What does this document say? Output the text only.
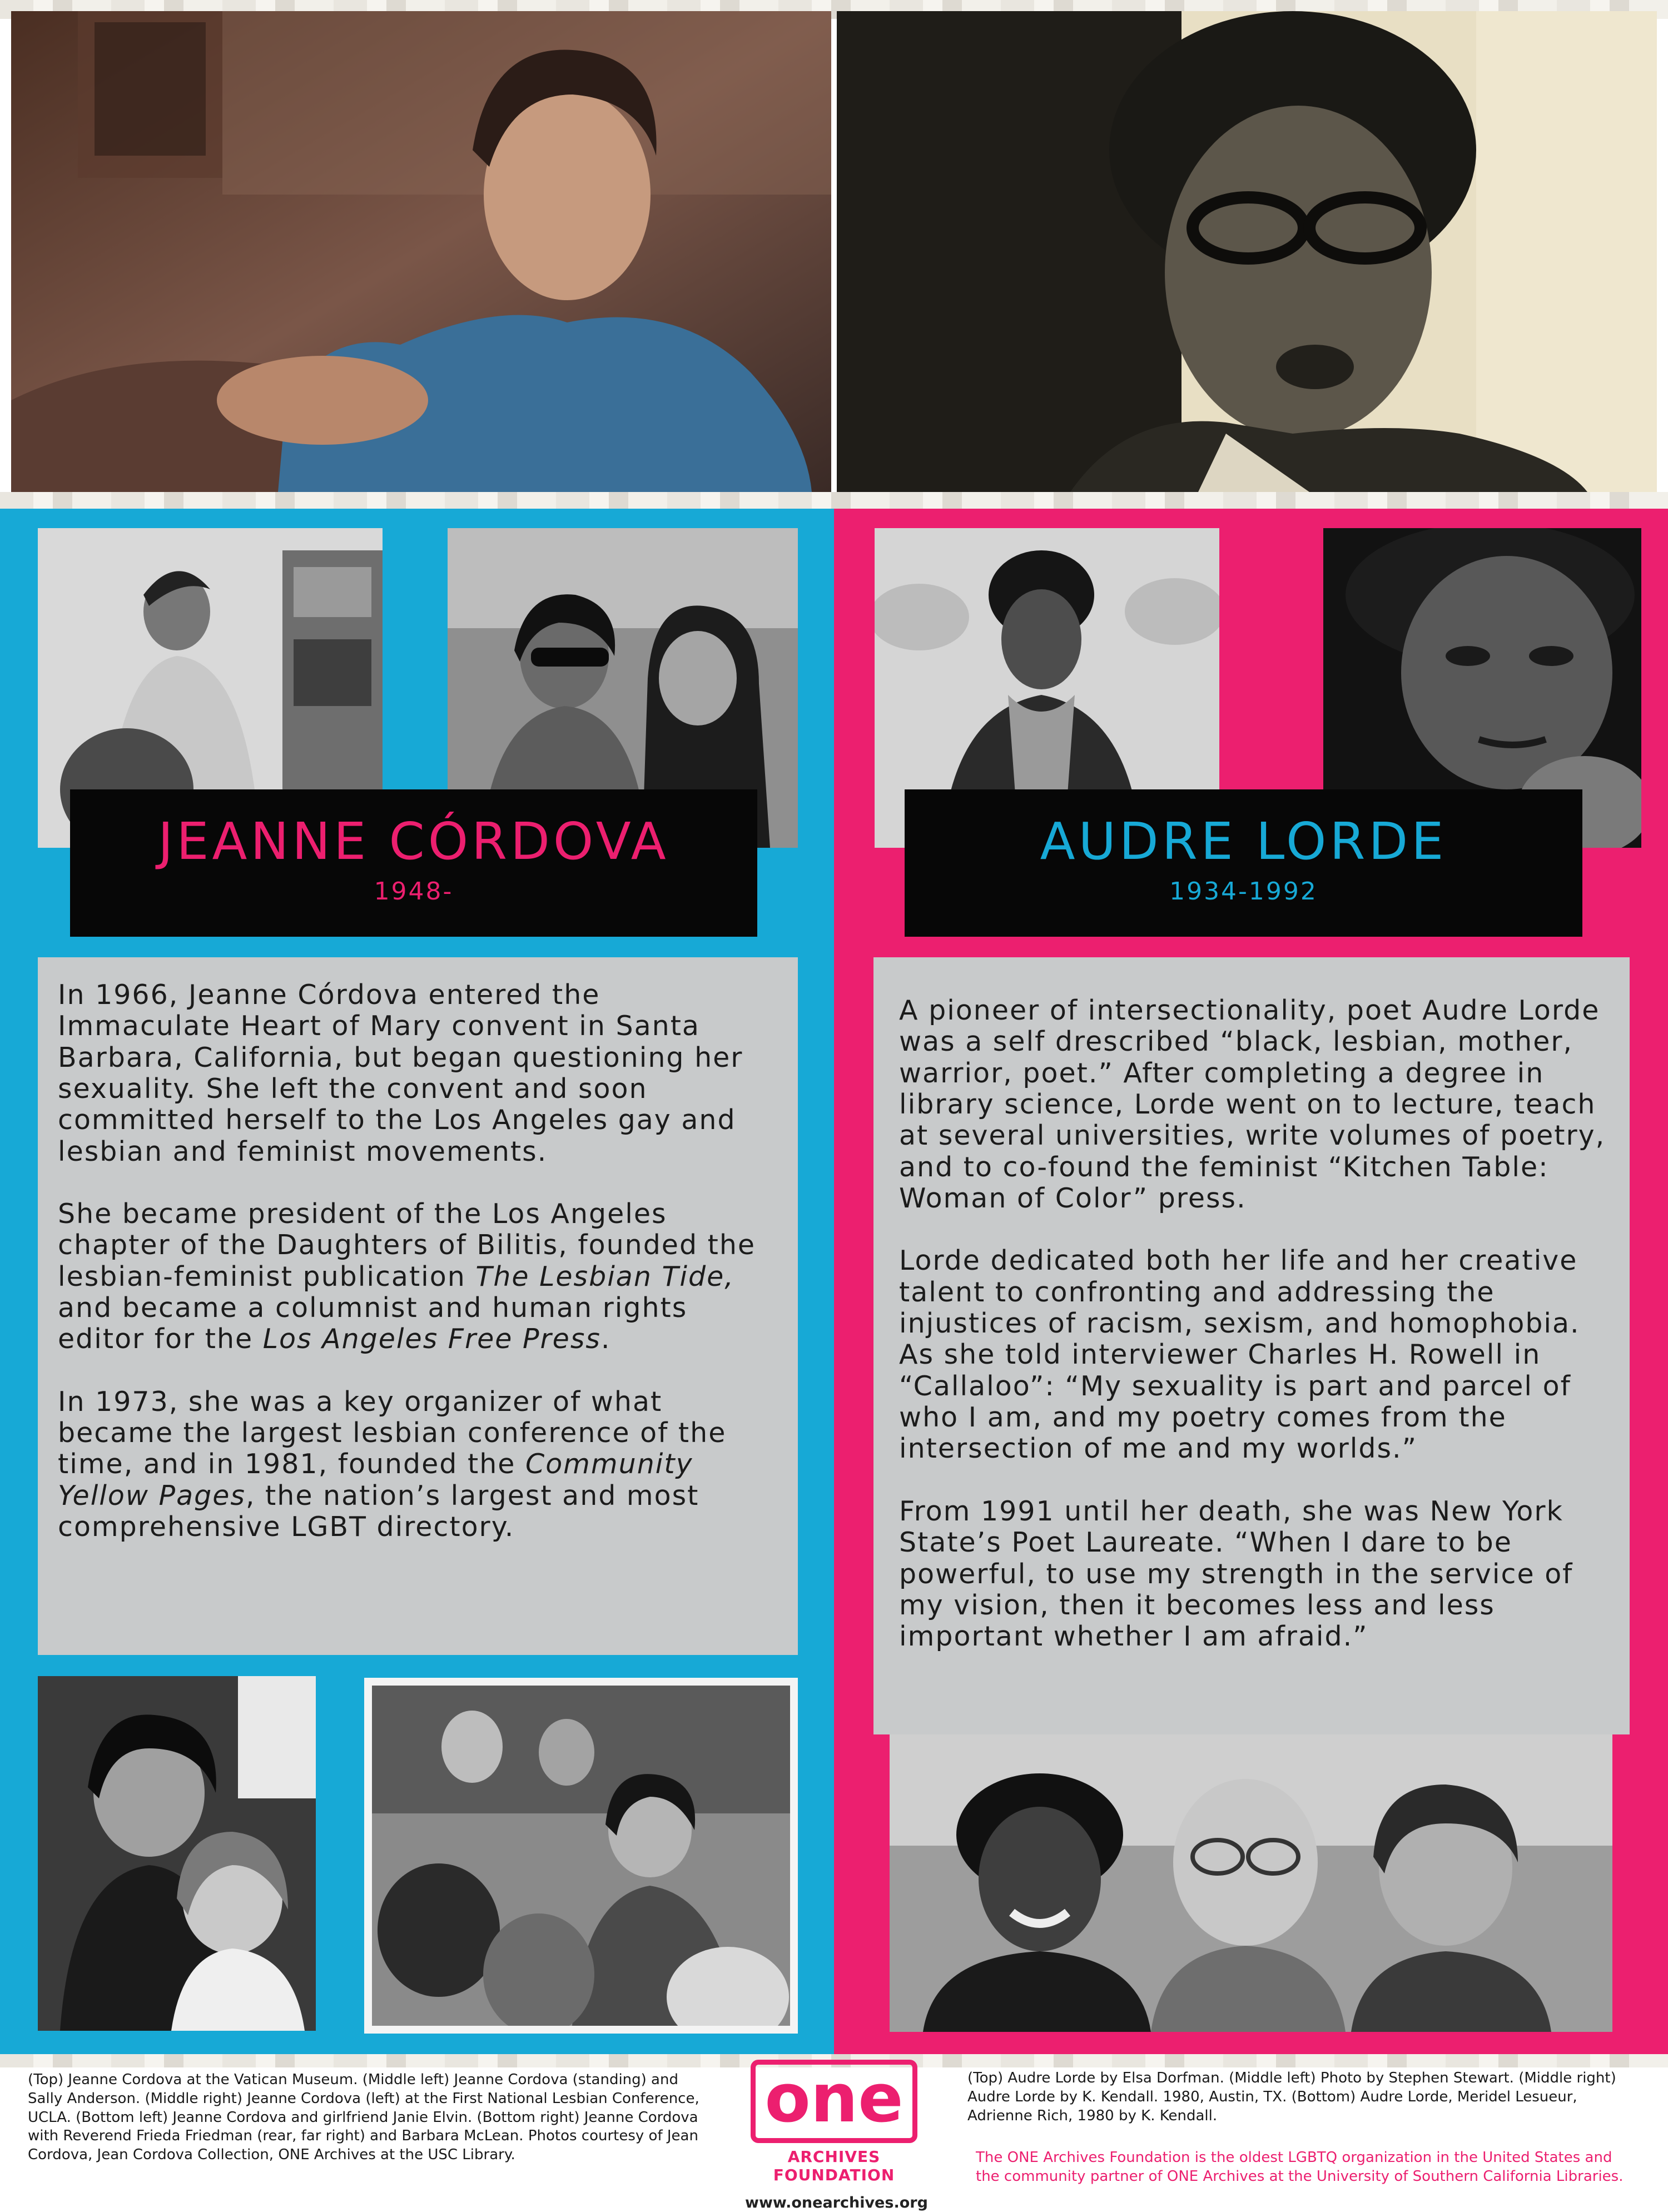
JEANNE CÓRDOVA
1948-

In 1966, Jeanne Córdova entered the Immaculate Heart of Mary convent in Santa Barbara, California, but began questioning her sexuality. She left the convent and soon committed herself to the Los Angeles gay and lesbian and feminist movements.

She became president of the Los Angeles chapter of the Daughters of Bilitis, founded the lesbian-feminist publication The Lesbian Tide, and became a columnist and human rights editor for the Los Angeles Free Press.

In 1973, she was a key organizer of what became the largest lesbian conference of the time, and in 1981, founded the Community Yellow Pages, the nation’s largest and most comprehensive LGBT directory.

AUDRE LORDE
1934-1992

A pioneer of intersectionality, poet Audre Lorde was a self drescribed “black, lesbian, mother, warrior, poet.” After completing a degree in library science, Lorde went on to lecture, teach at several universities, write volumes of poetry, and to co-found the feminist “Kitchen Table: Woman of Color” press.

Lorde dedicated both her life and her creative talent to confronting and addressing the injustices of racism, sexism, and homophobia. As she told interviewer Charles H. Rowell in “Callaloo”: “My sexuality is part and parcel of who I am, and my poetry comes from the intersection of me and my worlds.”

From 1991 until her death, she was New York State’s Poet Laureate. “When I dare to be powerful, to use my strength in the service of my vision, then it becomes less and less important whether I am afraid.”

(Top) Jeanne Cordova at the Vatican Museum. (Middle left) Jeanne Cordova (standing) and Sally Anderson. (Middle right) Jeanne Cordova (left) at the First National Lesbian Conference, UCLA. (Bottom left) Jeanne Cordova and girlfriend Janie Elvin. (Bottom right) Jeanne Cordova with Reverend Frieda Friedman (rear, far right) and Barbara McLean. Photos courtesy of Jean Cordova, Jean Cordova Collection, ONE Archives at the USC Library.
one
ARCHIVES FOUNDATION
www.onearchives.org
(Top) Audre Lorde by Elsa Dorfman. (Middle left) Photo by Stephen Stewart. (Middle right) Audre Lorde by K. Kendall. 1980, Austin, TX. (Bottom) Audre Lorde, Meridel Lesueur, Adrienne Rich, 1980 by K. Kendall.
The ONE Archives Foundation is the oldest LGBTQ organization in the United States and the community partner of ONE Archives at the University of Southern California Libraries.
